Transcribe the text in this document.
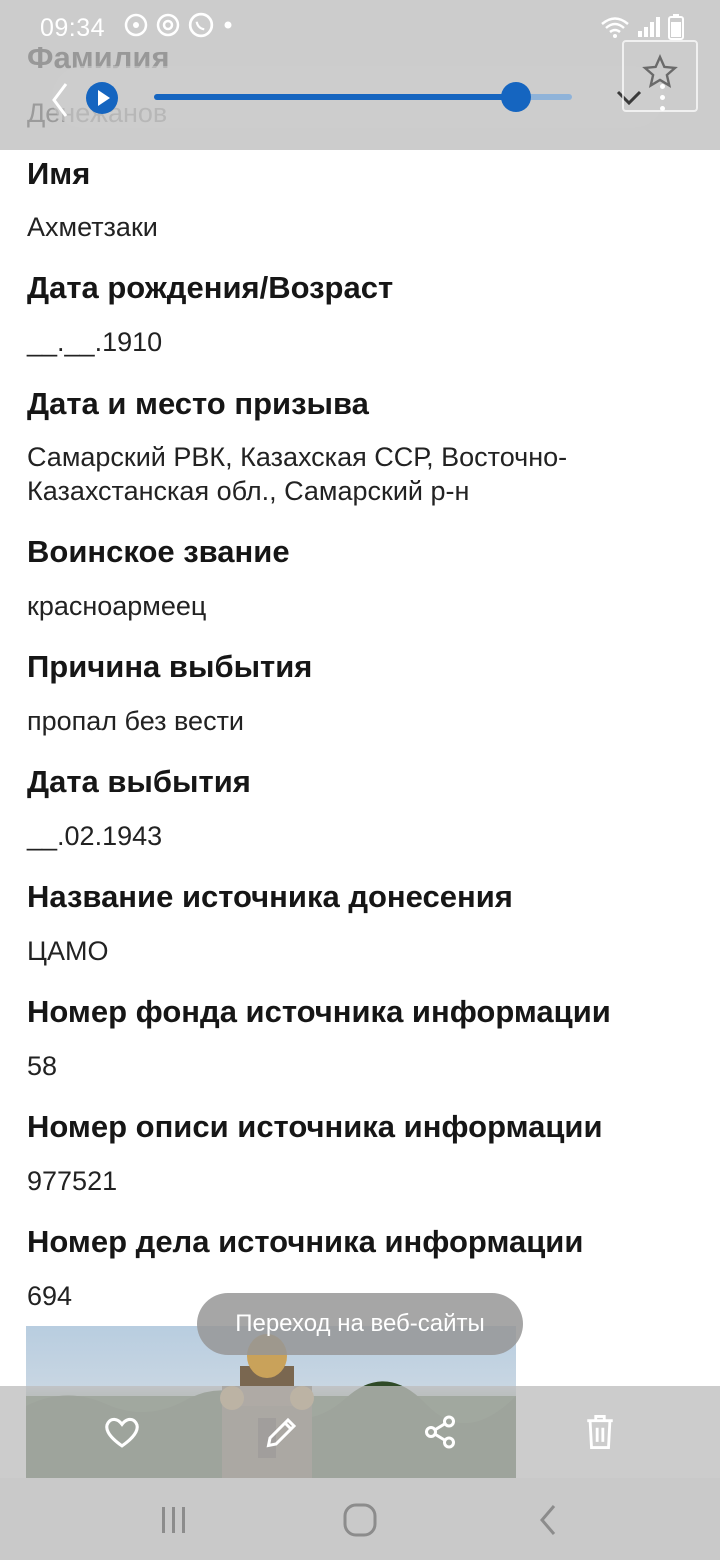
Имя
Ахметзаки
Дата рождения/Возраст
__.__.1910
Дата и место призыва
Самарский РВК, Казахская ССР, Восточно-Казахстанская обл., Самарский р-н
Воинское звание
красноармеец
Причина выбытия
пропал без вести
Дата выбытия
__.02.1943
Название источника донесения
ЦАМО
Номер фонда источника информации
58
Номер описи источника информации
977521
Номер дела источника информации
694
09:34
Переход на веб-сайты
